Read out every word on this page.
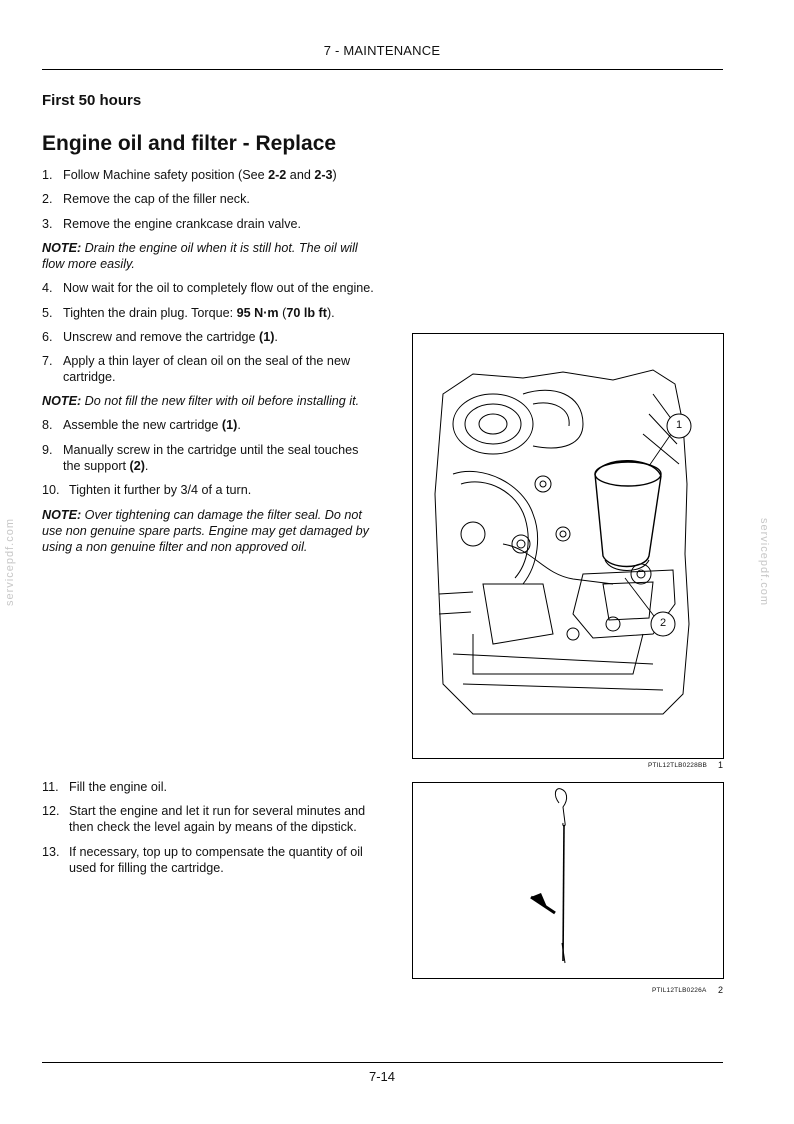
7 - MAINTENANCE
First 50 hours
Engine oil and filter - Replace
1. Follow Machine safety position (See 2-2 and 2-3)
2. Remove the cap of the filler neck.
3. Remove the engine crankcase drain valve.
NOTE: Drain the engine oil when it is still hot. The oil will
flow more easily.
4. Now wait for the oil to completely flow out of the engine.
5. Tighten the drain plug. Torque: 95 N·m (70 lb ft).
6. Unscrew and remove the cartridge (1).
7. Apply a thin layer of clean oil on the seal of the new
cartridge.
NOTE: Do not fill the new filter with oil before installing it.
8. Assemble the new cartridge (1).
9. Manually screw in the cartridge until the seal touches
the support (2).
10. Tighten it further by 3/4 of a turn.
NOTE: Over tightening can damage the filter seal. Do not
use non genuine spare parts. Engine may get damaged by
using a non genuine filter and non approved oil.
11. Fill the engine oil.
12. Start the engine and let it run for several minutes and
then check the level again by means of the dipstick.
13. If necessary, top up to compensate the quantity of oil
used for filling the cartridge.
1
2
PTIL12TLB0228BB 1
PTIL12TLB0226A 2
servicepdf.com	servicepdf.com
7-14
